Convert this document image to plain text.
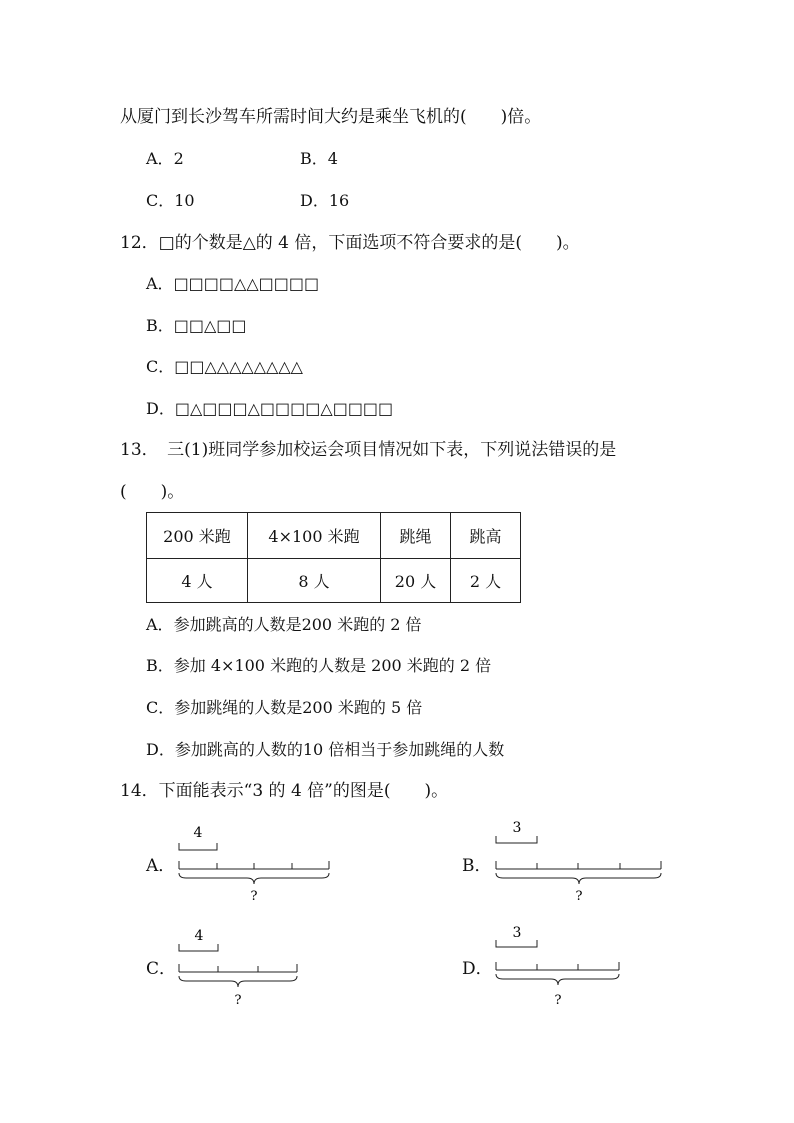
从厦门到长沙驾车所需时间大约是乘坐飞机的(　　)倍。
A．2	B．4
C．10	D．16
12．□的个数是△的 4 倍，下面选项不符合要求的是(　　)。
A．□□□□△△□□□□
B．□□△□□
C．□□△△△△△△△△
D．□△□□□△□□□□△□□□□
13．　三(1)班同学参加校运会项目情况如下表，下列说法错误的是
(　　)。
200 米跑	4×100 米跑	跳绳	跳高
4 人	8 人	20 人	2 人
A．参加跳高的人数是200 米跑的 2 倍
B．参加 4×100 米跑的人数是 200 米跑的 2 倍
C．参加跳绳的人数是200 米跑的 5 倍
D．参加跳高的人数的10 倍相当于参加跳绳的人数
14．下面能表示“3 的 4 倍”的图是(　　)。
A．
4
?
B．
3
?
C．
4
?
D．
3
?
